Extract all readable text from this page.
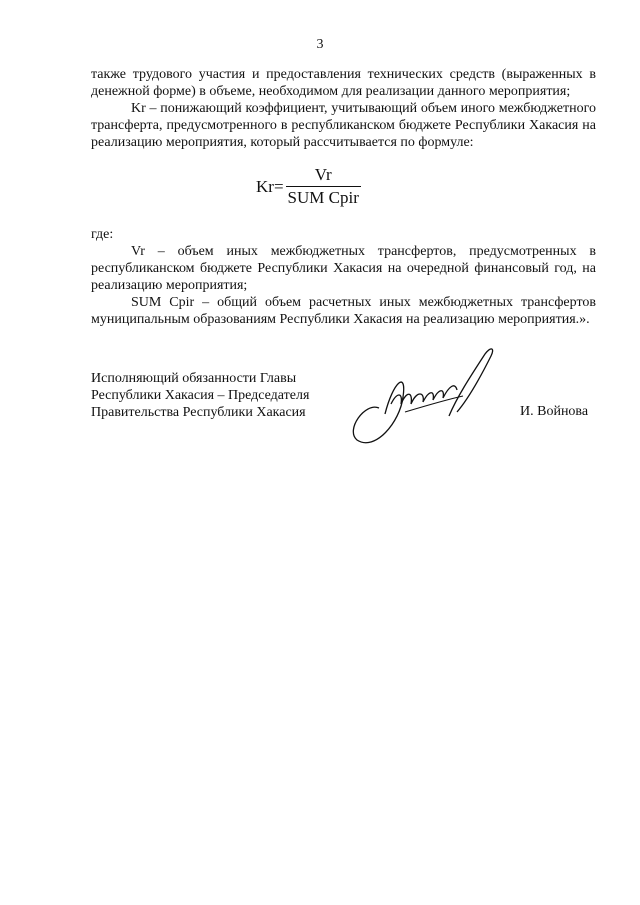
3

также трудового участия и предоставления технических средств (выраженных в денежной форме) в объеме, необходимом для реализации данного мероприятия;

Kr – понижающий коэффициент, учитывающий объем иного межбюджетного трансферта, предусмотренного в республиканском бюджете Республики Хакасия на реализацию мероприятия, который рассчитывается по формуле:

$Kr= \frac{Vr}{\text{SUM Cpir}}$

где:

Vr – объем иных межбюджетных трансфертов, предусмотренных в республиканском бюджете Республики Хакасия на очередной финансовый год, на реализацию мероприятия;

SUM Cpir – общий объем расчетных иных межбюджетных трансфертов муниципальным образованиям Республики Хакасия на реализацию мероприятия.».

Исполняющий обязанности Главы
Республики Хакасия – Председателя
Правительства Республики Хакасия	И. Войнова
